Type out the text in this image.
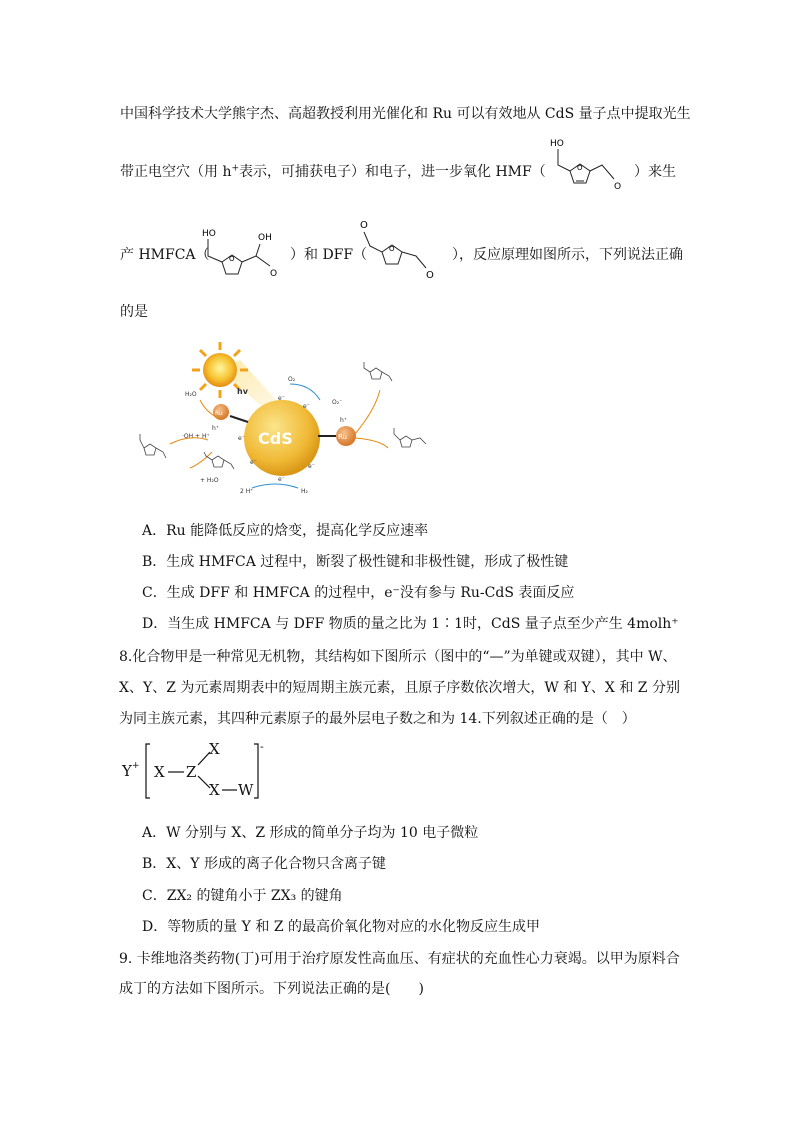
中国科学技术大学熊宇杰、高超教授利用光催化和 Ru 可以有效地从 CdS 量子点中提取光生
带正电空穴（用 h+表示，可捕获电子）和电子，进一步氧化 HMF（
HO
O
O
）来生
产 HMFCA（
HO
O
OH
O
）和 DFF（
O
O
O
），反应原理如图所示，下列说法正确
的是
hv
CdS
Ru
Ru
e⁻
e⁻
e⁻
e⁻
e⁻
e⁻
H₂O
h⁺
·OH + H⁺
+ H₂O
O₂
O₂⁻
h⁺
2 H⁺	H₂
A．Ru 能降低反应的焓变，提高化学反应速率
B．生成 HMFCA 过程中，断裂了极性键和非极性键，形成了极性键
C．生成 DFF 和 HMFCA 的过程中，e⁻没有参与 Ru-CdS 表面反应
D．当生成 HMFCA 与 DFF 物质的量之比为 1∶1时，CdS 量子点至少产生 4molh⁺
8.化合物甲是一种常见无机物，其结构如下图所示（图中的“—”为单键或双键），其中 W、
X、Y、Z 为元素周期表中的短周期主族元素，且原子序数依次增大，W 和 Y、X 和 Z 分别
为同主族元素，其四种元素原子的最外层电子数之和为 14.下列叙述正确的是（　）
Y + X Z
X
X W
-
A．W 分别与 X、Z 形成的简单分子均为 10 电子微粒
B．X、Y 形成的离子化合物只含离子键
C．ZX₂ 的键角小于 ZX₃ 的键角
D．等物质的量 Y 和 Z 的最高价氧化物对应的水化物反应生成甲
9. 卡维地洛类药物(丁)可用于治疗原发性高血压、有症状的充血性心力衰竭。以甲为原料合
成丁的方法如下图所示。下列说法正确的是(　　)
